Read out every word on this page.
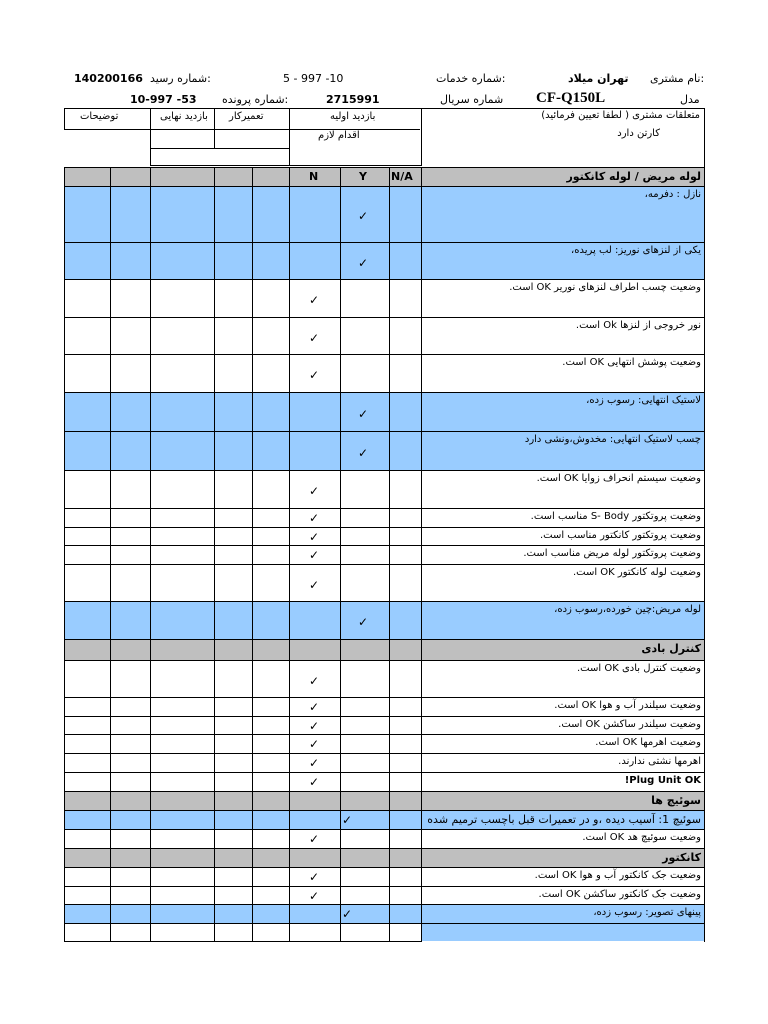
نام مشتری:
تهران میلاد
شماره خدمات:
5 - 997 -10
شماره رسید:
140200166
مدل
CF-Q150L
شماره سریال
2715991
شماره پرونده:
10-997 -53
متعلقات مشتری ( لطفا تعیین فرمائید)
کارتن دارد
بازدید اولیه
اقدام لازم
تعمیرکار
بازدید نهایی
توضیحات
N	Y N/A	لوله مریض / لوله کانکتور
کنترل بادی
سوئیچ ها
کانکتور
نازل : دفرمه،
✓
یکی از لنزهای نوریز: لب پریده،
✓
وضعیت چسب اطراف لنزهای نوریر OK است.
✓
نور خروجی از لنزها Ok است.
✓
وضعیت پوشش انتهایی OK است.
✓
لاستیک انتهایی: رسوب زده،
✓
چسب لاستیک انتهایی: مخدوش،ونشی دارد
✓
وضعیت سیستم انحراف زوایا OK است.
✓
وضعیت پروتکتور S- Body مناسب است.
✓
وضعیت پروتکتور کانکتور مناسب است.
✓
وضعیت پروتکتور لوله مریض مناسب است.
✓
وضعیت لوله کانکتور OK است.
✓
لوله مریض:چین خورده،رسوب زده،
✓
وضعیت کنترل بادی OK است.
✓
وضعیت سیلندر آب و هوا OK است.
✓
وضعیت سیلندر ساکشن OK است.
✓
وضعیت اهرمها OK است.
✓
اهرمها نشتی ندارند.
✓
Plug Unit OK!
✓
سوئیچ 1: آسیب دیده ،و در تعمیرات قبل باچسب ترمیم شده
✓
وضعیت سوئیچ هد OK است.
✓
وضعیت جک کانکتور آب و هوا OK است.
✓
وضعیت جک کانکتور ساکشن OK است.
✓
پینهای تصویر: رسوب زده،
✓
